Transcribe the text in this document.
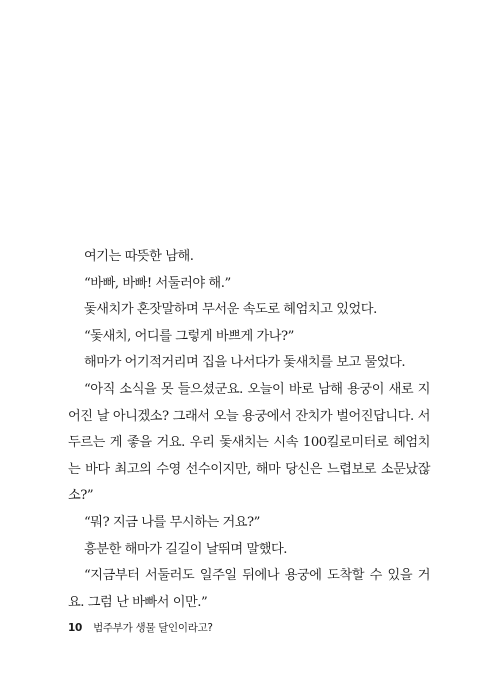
여기는 따뜻한 남해.

“바빠, 바빠! 서둘러야 해.”

돛새치가 혼잣말하며 무서운 속도로 헤엄치고 있었다.

“돛새치, 어디를 그렇게 바쁘게 가나?”

해마가 어기적거리며 집을 나서다가 돛새치를 보고 물었다.

“아직 소식을 못 들으셨군요. 오늘이 바로 남해 용궁이 새로 지어진 날 아니겠소? 그래서 오늘 용궁에서 잔치가 벌어진답니다. 서두르는 게 좋을 거요. 우리 돛새치는 시속 100킬로미터로 헤엄치는 바다 최고의 수영 선수이지만, 해마 당신은 느렵보로 소문났잖소?”

“뭐? 지금 나를 무시하는 거요?”

흥분한 해마가 길길이 날뛰며 말했다.

“지금부터 서둘러도 일주일 뒤에나 용궁에 도착할 수 있을 거요. 그럼 난 바빠서 이만.”

10 범주부가 생물 달인이라고?
